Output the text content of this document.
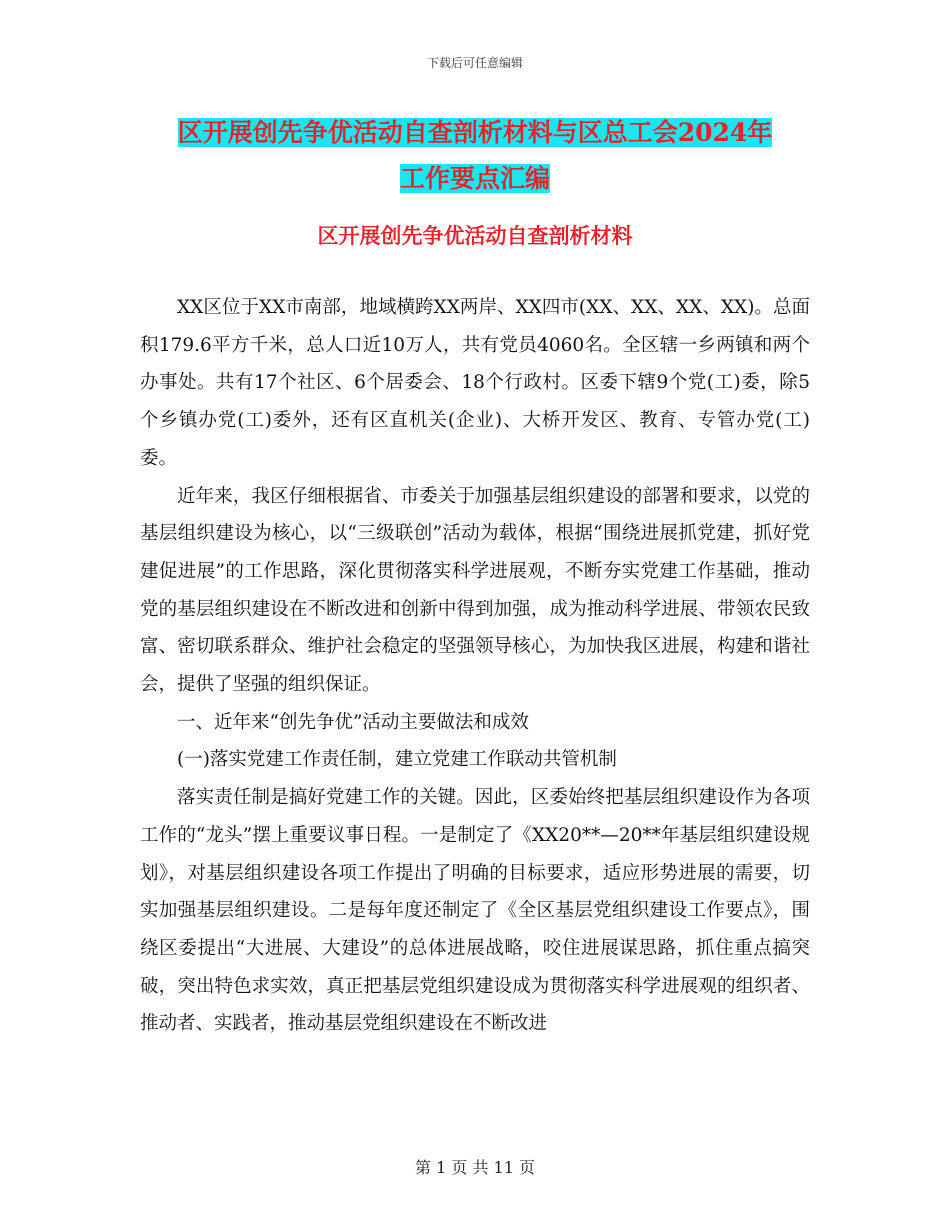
下载后可任意编辑
区开展创先争优活动自查剖析材料与区总工会2024年
工作要点汇编
区开展创先争优活动自查剖析材料

XX区位于XX市南部，地域横跨XX两岸、XX四市(XX、XX、XX、XX)。总面积179.6平方千米，总人口近10万人，共有党员4060名。全区辖一乡两镇和两个办事处。共有17个社区、6个居委会、18个行政村。区委下辖9个党(工)委，除5个乡镇办党(工)委外，还有区直机关(企业)、大桥开发区、教育、专管办党(工)委。

近年来，我区仔细根据省、市委关于加强基层组织建设的部署和要求，以党的基层组织建设为核心，以“三级联创”活动为载体，根据“围绕进展抓党建，抓好党建促进展”的工作思路，深化贯彻落实科学进展观，不断夯实党建工作基础，推动党的基层组织建设在不断改进和创新中得到加强，成为推动科学进展、带领农民致富、密切联系群众、维护社会稳定的坚强领导核心，为加快我区进展，构建和谐社会，提供了坚强的组织保证。

一、近年来“创先争优”活动主要做法和成效

(一)落实党建工作责任制，建立党建工作联动共管机制

落实责任制是搞好党建工作的关键。因此，区委始终把基层组织建设作为各项工作的“龙头”摆上重要议事日程。一是制定了《XX20**—20**年基层组织建设规划》，对基层组织建设各项工作提出了明确的目标要求，适应形势进展的需要，切实加强基层组织建设。二是每年度还制定了《全区基层党组织建设工作要点》，围绕区委提出“大进展、大建设”的总体进展战略，咬住进展谋思路，抓住重点搞突破，突出特色求实效，真正把基层党组织建设成为贯彻落实科学进展观的组织者、推动者、实践者，推动基层党组织建设在不断改进

第 1 页 共 11 页
